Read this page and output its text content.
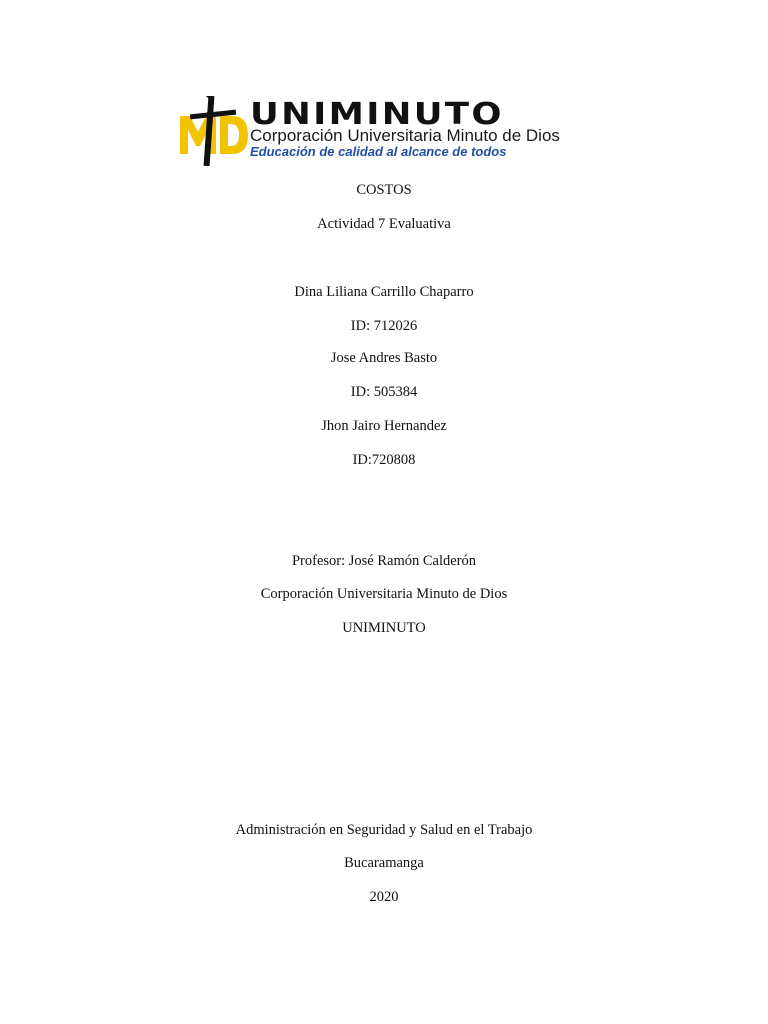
UNIMINUTO
Corporación Universitaria Minuto de Dios
Educación de calidad al alcance de todos

COSTOS

Actividad 7 Evaluativa

Dina Liliana Carrillo Chaparro

ID: 712026

Jose Andres Basto

ID: 505384

Jhon Jairo Hernandez

ID:720808

Profesor: José Ramón Calderón

Corporación Universitaria Minuto de Dios

UNIMINUTO

Administración en Seguridad y Salud en el Trabajo

Bucaramanga

2020
